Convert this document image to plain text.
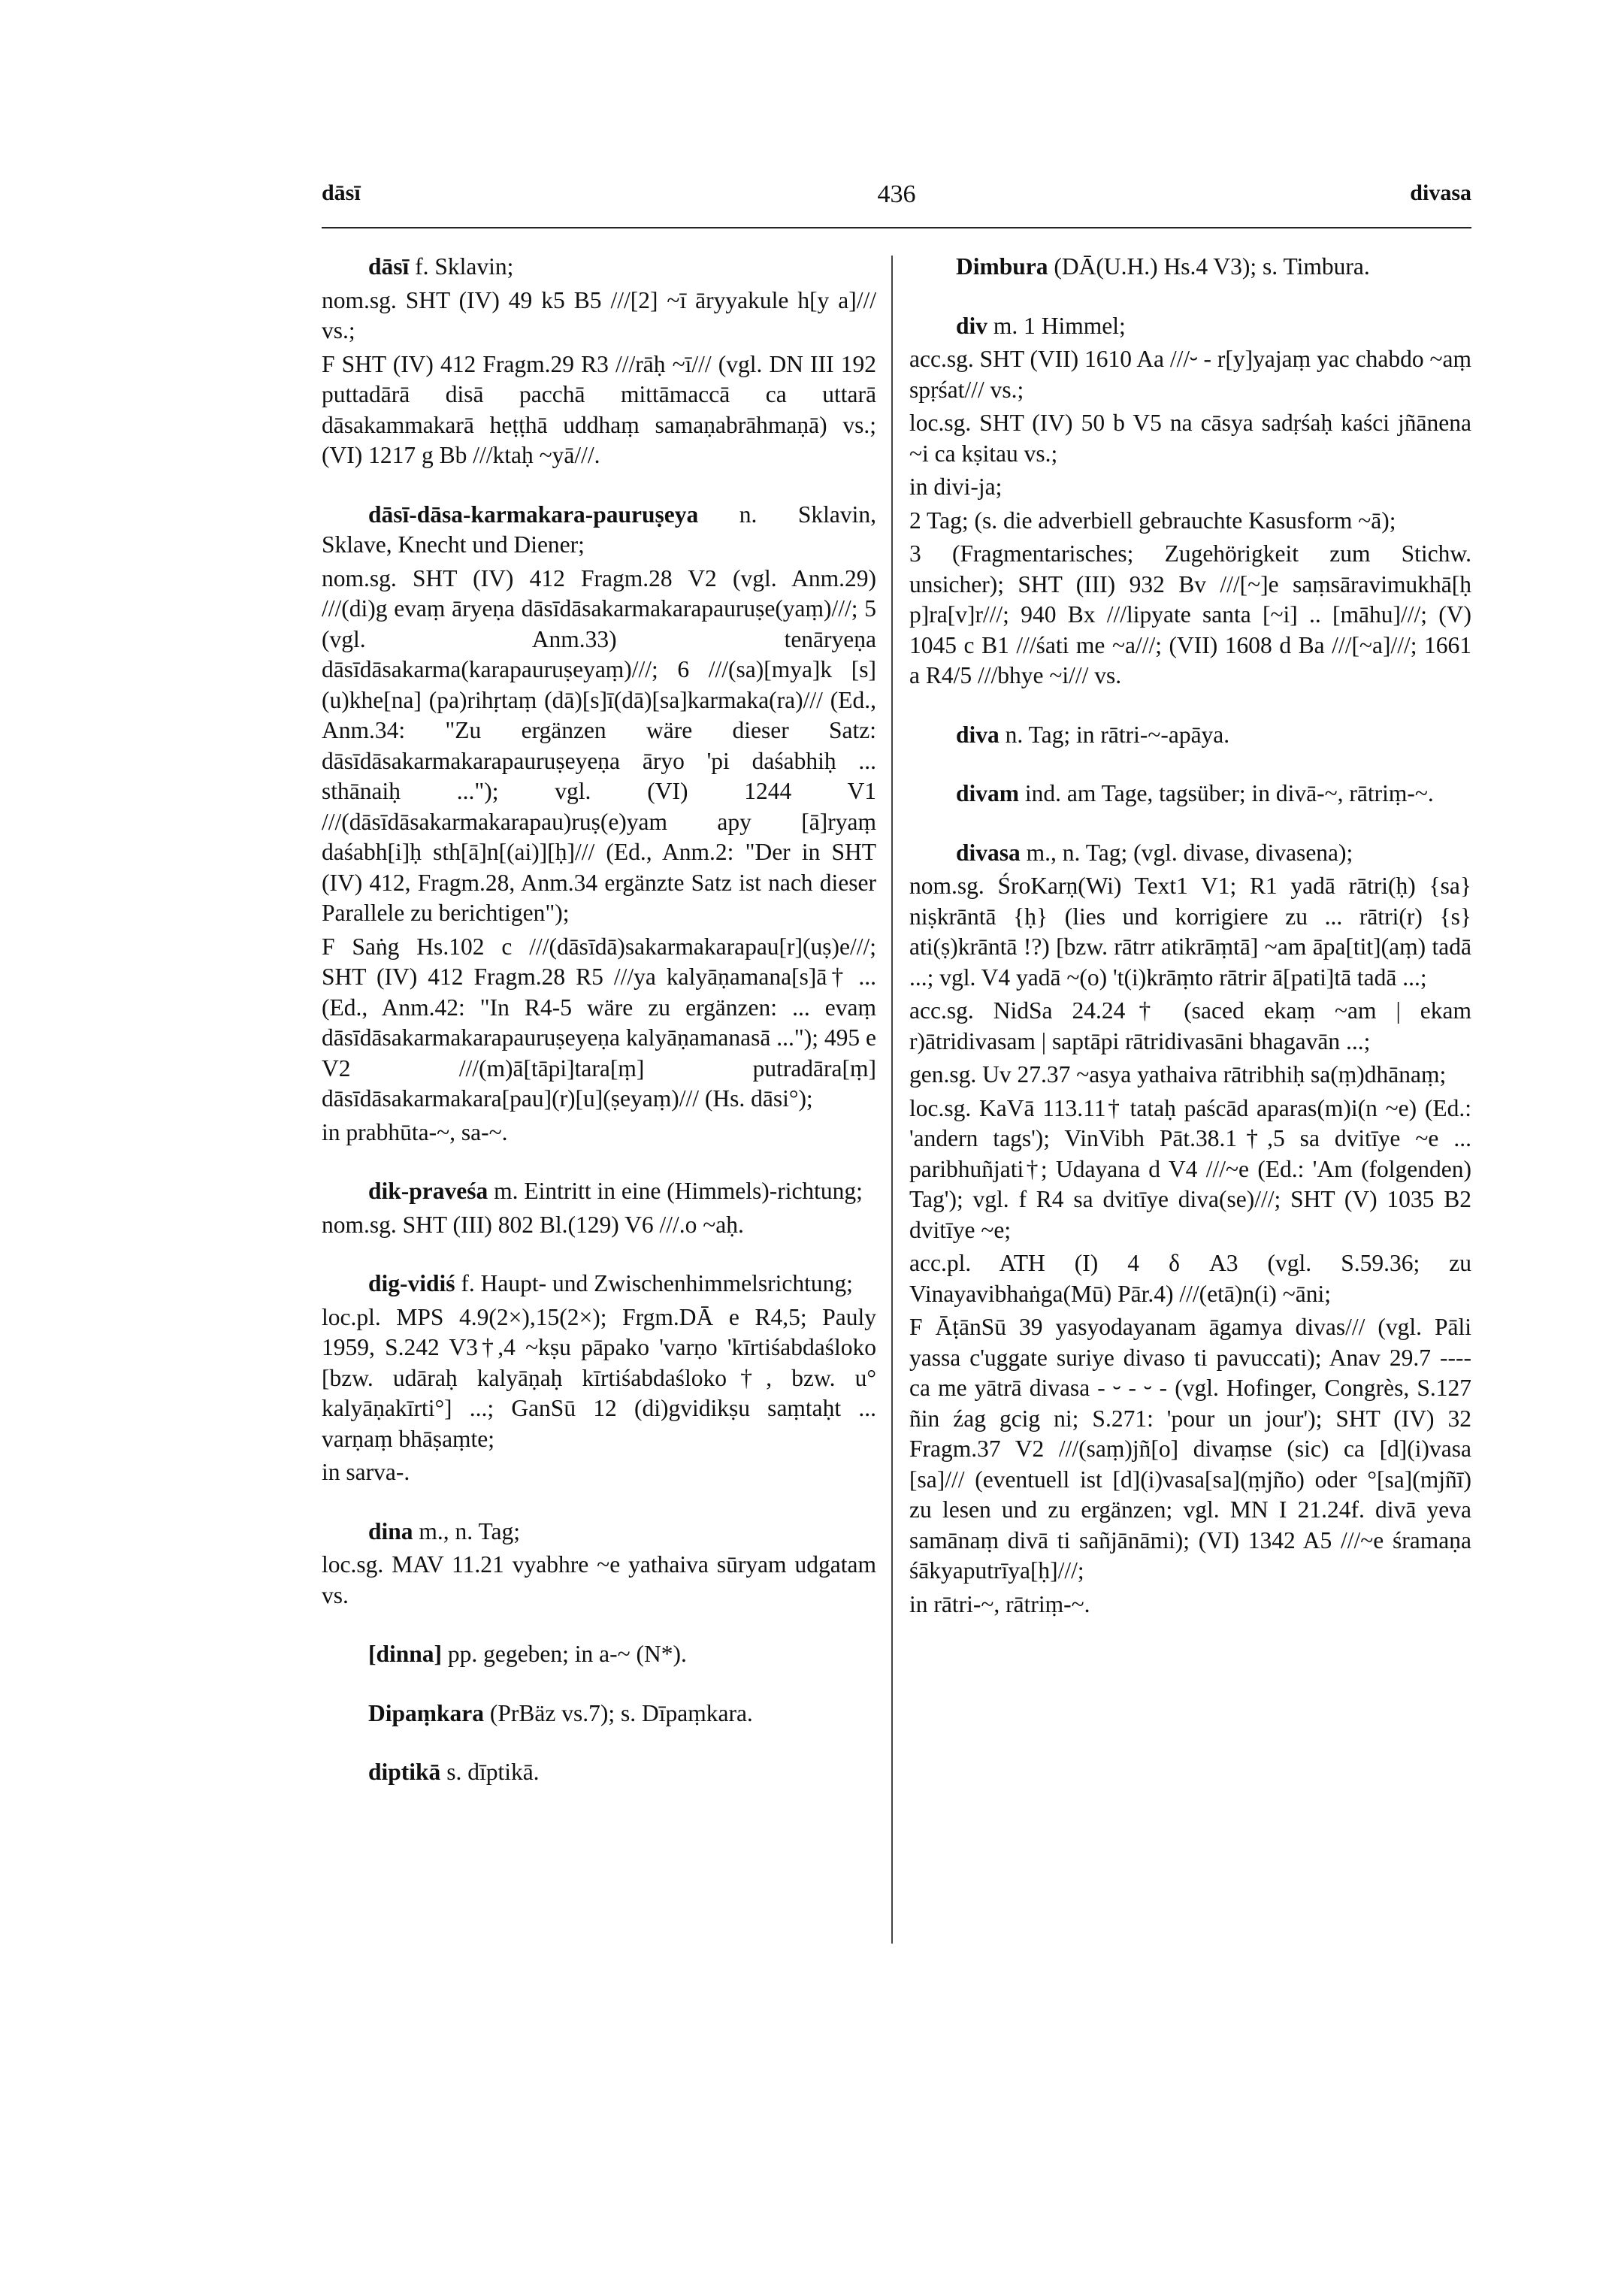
dāsī	436	divasa
dāsī f. Sklavin;
nom.sg. SHT (IV) 49 k5 B5 ///[2] ~ī āryyakule h[y a]/// vs.;
F SHT (IV) 412 Fragm.29 R3 ///rāḥ ~ī/// (vgl. DN III 192 puttadārā disā pacchā mittāmaccā ca uttarā dāsakammakarā heṭṭhā uddhaṃ samaṇabrāhmaṇā) vs.; (VI) 1217 g Bb ///ktaḥ ~yā///.
dāsī-dāsa-karmakara-pauruṣeya n. Sklavin, Sklave, Knecht und Diener;
nom.sg. SHT (IV) 412 Fragm.28 V2 (vgl. Anm.29) ///(di)g evaṃ āryeṇa dāsīdāsakarmakarapauruṣe(yaṃ)///; 5 (vgl. Anm.33) tenāryeṇa dāsīdāsakarma(karapauruṣeyaṃ)///; 6 ///(sa)[mya]k [s](u)khe[na] (pa)rihṛtaṃ (dā)[s]ī(dā)[sa]karmaka(ra)/// (Ed., Anm.34: "Zu ergänzen wäre dieser Satz: dāsīdāsakarmakarapauruṣeyeṇa āryo 'pi daśabhiḥ ... sthānaiḥ ..."); vgl. (VI) 1244 V1 ///(dāsīdāsakarmakarapau)ruṣ(e)yam apy [ā]ryaṃ daśabh[i]ḥ sth[ā]n[(ai)][ḥ]/// (Ed., Anm.2: "Der in SHT (IV) 412, Fragm.28, Anm.34 ergänzte Satz ist nach dieser Parallele zu berichtigen");
F Saṅg Hs.102 c ///(dāsīdā)sakarmakarapau[r](uṣ)e///; SHT (IV) 412 Fragm.28 R5 ///ya kalyāṇamana[s]ā† ... (Ed., Anm.42: "In R4-5 wäre zu ergänzen: ... evaṃ dāsīdāsakarmakarapauruṣeyeṇa kalyāṇamanasā ..."); 495 e V2 ///(m)ā[tāpi]tara[ṃ] putradāra[ṃ] dāsīdāsakarmakara[pau](r)[u](ṣeyaṃ)/// (Hs. dāsi°);
in prabhūta-~, sa-~.
dik-praveśa m. Eintritt in eine (Himmels)-richtung;
nom.sg. SHT (III) 802 Bl.(129) V6 ///.o ~aḥ.
dig-vidiś f. Haupt- und Zwischenhimmelsrichtung;
loc.pl. MPS 4.9(2×),15(2×); Frgm.DĀ e R4,5; Pauly 1959, S.242 V3†,4 ~kṣu pāpako 'varṇo 'kīrtiśabdaśloko [bzw. udāraḥ kalyāṇaḥ kīrtiśabdaśloko†, bzw. u° kalyāṇakīrti°] ...; GanSū 12 (di)gvidikṣu saṃtaḥt ... varṇaṃ bhāṣaṃte;
in sarva-.
dina m., n. Tag;
loc.sg. MAV 11.21 vyabhre ~e yathaiva sūryam udgatam vs.
[dinna] pp. gegeben; in a-~ (N*).
Dipaṃkara (PrBäz vs.7); s. Dīpaṃkara.
diptikā s. dīptikā.
Dimbura (DĀ(U.H.) Hs.4 V3); s. Timbura.
div m. 1 Himmel;
acc.sg. SHT (VII) 1610 Aa ///⏑ - r[y]yajaṃ yac chabdo ~aṃ spṛśat/// vs.;
loc.sg. SHT (IV) 50 b V5 na cāsya sadṛśaḥ kaści jñānena ~i ca kṣitau vs.;
in divi-ja;
2 Tag; (s. die adverbiell gebrauchte Kasusform ~ā);
3 (Fragmentarisches; Zugehörigkeit zum Stichw. unsicher); SHT (III) 932 Bv ///[~]e saṃsāravimukhā[ḥ p]ra[v]r///; 940 Bx ///lipyate santa [~i] .. [māhu]///; (V) 1045 c B1 ///śati me ~a///; (VII) 1608 d Ba ///[~a]///; 1661 a R4/5 ///bhye ~i/// vs.
diva n. Tag; in rātri-~-apāya.
divam ind. am Tage, tagsüber; in divā-~, rātriṃ-~.
divasa m., n. Tag; (vgl. divase, divasena);
nom.sg. ŚroKarṇ(Wi) Text1 V1; R1 yadā rātri(ḥ) {sa} niṣkrāntā {ḥ} (lies und korrigiere zu ... rātri(r) {s} ati(ṣ)krāntā !?) [bzw. rātrr atikrāṃtā] ~am āpa[tit](aṃ) tadā ...; vgl. V4 yadā ~(o) 't(i)krāṃto rātrir ā[pati]tā tadā ...;
acc.sg. NidSa 24.24† (saced ekaṃ ~am | ekam r)ātridivasam | saptāpi rātridivasāni bhagavān ...;
gen.sg. Uv 27.37 ~asya yathaiva rātribhiḥ sa(ṃ)dhānaṃ;
loc.sg. KaVā 113.11† tataḥ paścād aparas(m)i(n ~e) (Ed.: 'andern tags'); VinVibh Pāt.38.1†,5 sa dvitīye ~e ... paribhuñjati†; Udayana d V4 ///~e (Ed.: 'Am (folgenden) Tag'); vgl. f R4 sa dvitīye diva(se)///; SHT (V) 1035 B2 dvitīye ~e;
acc.pl. ATH (I) 4 δ A3 (vgl. S.59.36; zu Vinayavibhaṅga(Mū) Pār.4) ///(etā)n(i) ~āni;
F ĀṭānSū 39 yasyodayanam āgamya divas/// (vgl. Pāli yassa c'uggate suriye divaso ti pavuccati); Anav 29.7 ---- ca me yātrā divasa - ⏑ - ⏑ - (vgl. Hofinger, Congrès, S.127 ñin źag gcig ni; S.271: 'pour un jour'); SHT (IV) 32 Fragm.37 V2 ///(saṃ)jñ[o] divaṃse (sic) ca [d](i)vasa [sa]/// (eventuell ist [d](i)vasa[sa](ṃjño) oder °[sa](mjñī) zu lesen und zu ergänzen; vgl. MN I 21.24f. divā yeva samānaṃ divā ti sañjānāmi); (VI) 1342 A5 ///~e śramaṇa śākyaputrīya[ḥ]///;
in rātri-~, rātriṃ-~.
